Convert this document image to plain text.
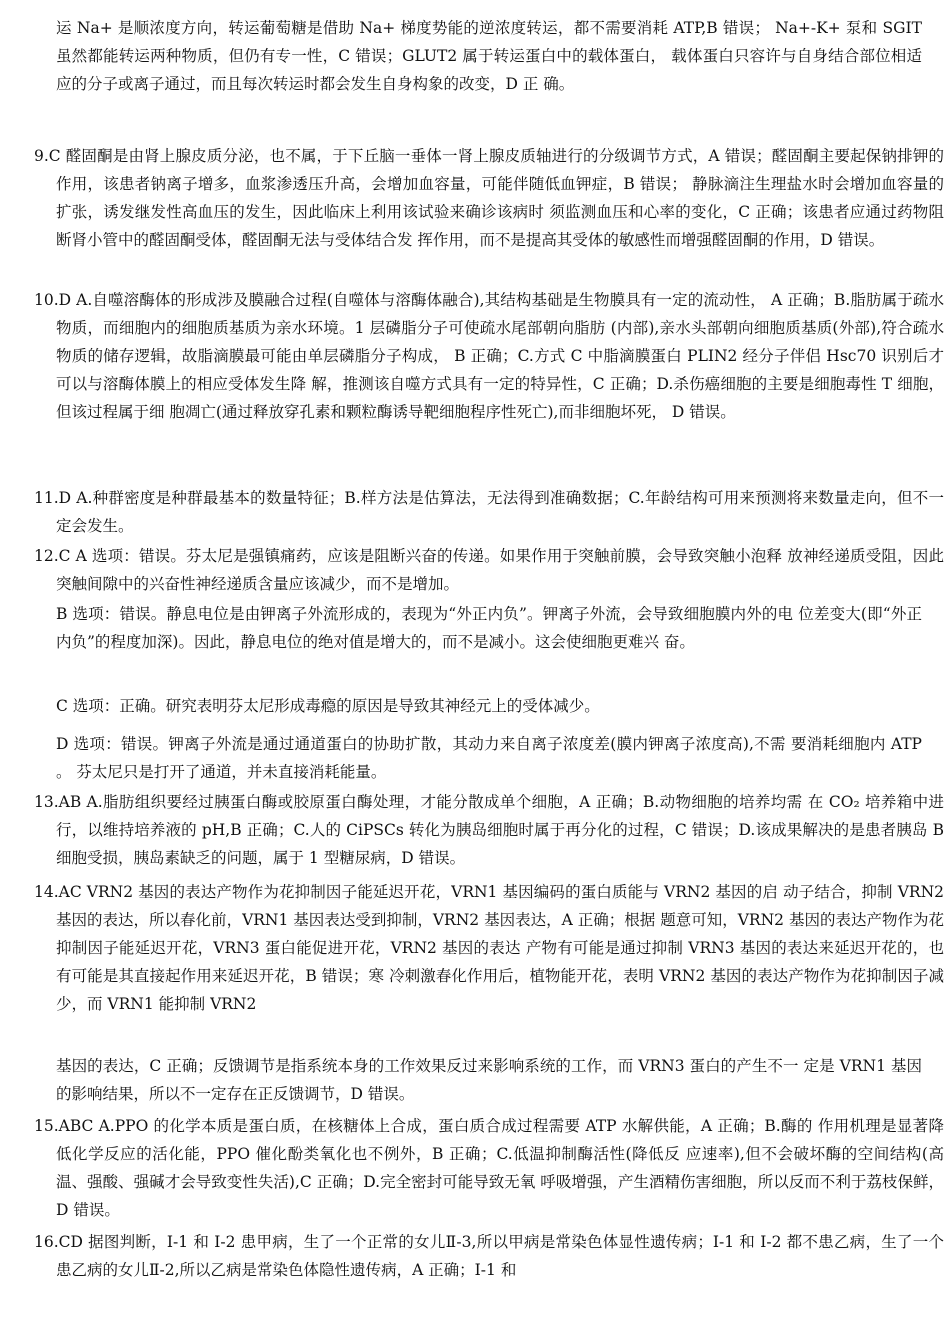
运 Na+ 是顺浓度方向，转运葡萄糖是借助 Na+ 梯度势能的逆浓度转运，都不需要消耗 ATP,B 错误； Na+-K+ 泵和 SGIT 虽然都能转运两种物质，但仍有专一性，C 错误；GLUT2 属于转运蛋白中的载体蛋白， 载体蛋白只容许与自身结合部位相适应的分子或离子通过，而且每次转运时都会发生自身构象的改变，D 正 确。

9.C 醛固酮是由肾上腺皮质分泌，也不属，于下丘脑一垂体一肾上腺皮质轴进行的分级调节方式，A 错误；醛固酮主要起保钠排钾的作用，该患者钠离子增多，血浆渗透压升高，会增加血容量，可能伴随低血钾症，B 错误； 静脉滴注生理盐水时会增加血容量的扩张，诱发继发性高血压的发生，因此临床上利用该试验来确诊该病时 须监测血压和心率的变化，C 正确；该患者应通过药物阻断肾小管中的醛固酮受体，醛固酮无法与受体结合发 挥作用，而不是提高其受体的敏感性而增强醛固酮的作用，D 错误。

10.D A.自噬溶酶体的形成涉及膜融合过程(自噬体与溶酶体融合),其结构基础是生物膜具有一定的流动性， A 正确；B.脂肪属于疏水物质，而细胞内的细胞质基质为亲水环境。1 层磷脂分子可使疏水尾部朝向脂肪 (内部),亲水头部朝向细胞质基质(外部),符合疏水物质的储存逻辑，故脂滴膜最可能由单层磷脂分子构成， B 正确；C.方式 C 中脂滴膜蛋白 PLIN2 经分子伴侣 Hsc70 识别后才可以与溶酶体膜上的相应受体发生降 解，推测该自噬方式具有一定的特异性，C 正确；D.杀伤癌细胞的主要是细胞毒性 T 细胞，但该过程属于细 胞凋亡(通过释放穿孔素和颗粒酶诱导靶细胞程序性死亡),而非细胞坏死， D 错误。

11.D A.种群密度是种群最基本的数量特征；B.样方法是估算法，无法得到准确数据；C.年龄结构可用来预测将来数量走向，但不一定会发生。

12.C A 选项：错误。芬太尼是强镇痛药，应该是阻断兴奋的传递。如果作用于突触前膜，会导致突触小泡释 放神经递质受阻，因此突触间隙中的兴奋性神经递质含量应该减少，而不是增加。

B 选项：错误。静息电位是由钾离子外流形成的，表现为“外正内负”。钾离子外流，会导致细胞膜内外的电 位差变大(即“外正内负”的程度加深)。因此，静息电位的绝对值是增大的，而不是减小。这会使细胞更难兴 奋。

C 选项：正确。研究表明芬太尼形成毒瘾的原因是导致其神经元上的受体减少。

D 选项：错误。钾离子外流是通过通道蛋白的协助扩散，其动力来自离子浓度差(膜内钾离子浓度高),不需 要消耗细胞内 ATP 。 芬太尼只是打开了通道，并未直接消耗能量。

13.AB A.脂肪组织要经过胰蛋白酶或胶原蛋白酶处理，才能分散成单个细胞，A 正确；B.动物细胞的培养均需 在 CO₂ 培养箱中进行，以维持培养液的 pH,B 正确；C.人的 CiPSCs 转化为胰岛细胞时属于再分化的过程，C 错误；D.该成果解决的是患者胰岛 B 细胞受损，胰岛素缺乏的问题，属于 1 型糖尿病，D 错误。

14.AC VRN2 基因的表达产物作为花抑制因子能延迟开花，VRN1 基因编码的蛋白质能与 VRN2 基因的启 动子结合，抑制 VRN2 基因的表达，所以春化前，VRN1 基因表达受到抑制，VRN2 基因表达，A 正确；根据 题意可知，VRN2 基因的表达产物作为花抑制因子能延迟开花，VRN3 蛋白能促进开花，VRN2 基因的表达 产物有可能是通过抑制 VRN3 基因的表达来延迟开花的，也有可能是其直接起作用来延迟开花，B 错误；寒 冷刺激春化作用后，植物能开花，表明 VRN2 基因的表达产物作为花抑制因子减少，而 VRN1 能抑制 VRN2

基因的表达，C 正确；反馈调节是指系统本身的工作效果反过来影响系统的工作，而 VRN3 蛋白的产生不一 定是 VRN1 基因的影响结果，所以不一定存在正反馈调节，D 错误。

15.ABC A.PPO 的化学本质是蛋白质，在核糖体上合成，蛋白质合成过程需要 ATP 水解供能，A 正确；B.酶的 作用机理是显著降低化学反应的活化能，PPO 催化酚类氧化也不例外，B 正确；C.低温抑制酶活性(降低反 应速率),但不会破坏酶的空间结构(高温、强酸、强碱才会导致变性失活),C 正确；D.完全密封可能导致无氧 呼吸增强，产生酒精伤害细胞，所以反而不利于荔枝保鲜，D 错误。

16.CD 据图判断，I-1 和 I-2 患甲病，生了一个正常的女儿Ⅱ-3,所以甲病是常染色体显性遗传病；I-1 和 I-2 都不患乙病，生了一个患乙病的女儿Ⅱ-2,所以乙病是常染色体隐性遗传病，A 正确；I-1 和
